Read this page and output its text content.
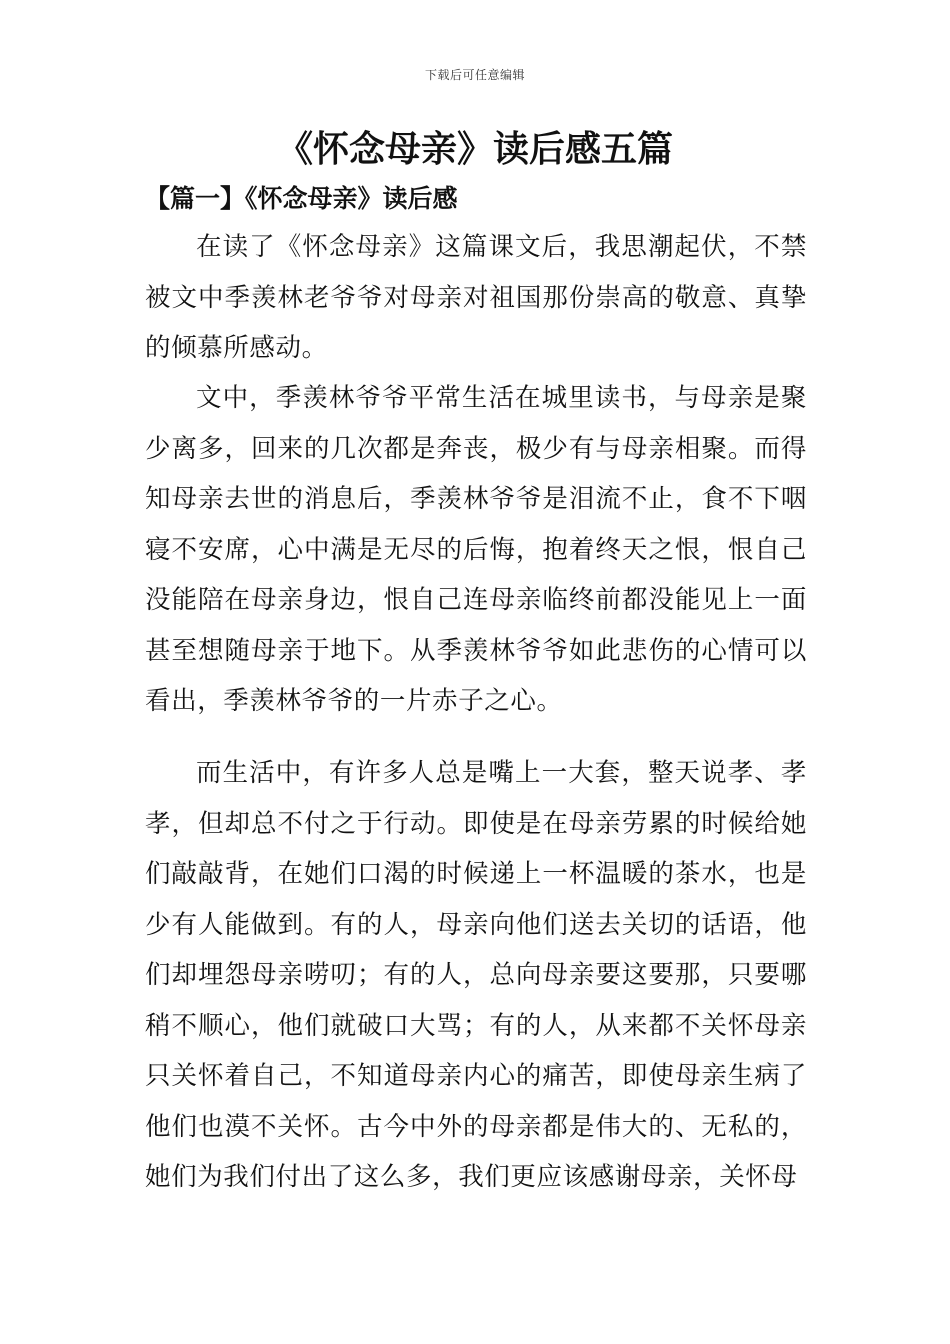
下载后可任意编辑
《怀念母亲》读后感五篇
【篇一】《怀念母亲》读后感

在读了《怀念母亲》这篇课文后，我思潮起伏，不禁被文中季羡林老爷爷对母亲对祖国那份崇高的敬意、真挚的倾慕所感动。

文中，季羡林爷爷平常生活在城里读书，与母亲是聚少离多，回来的几次都是奔丧，极少有与母亲相聚。而得知母亲去世的消息后，季羡林爷爷是泪流不止，食不下咽寝不安席，心中满是无尽的后悔，抱着终天之恨，恨自己没能陪在母亲身边，恨自己连母亲临终前都没能见上一面甚至想随母亲于地下。从季羡林爷爷如此悲伤的心情可以看出，季羡林爷爷的一片赤子之心。

而生活中，有许多人总是嘴上一大套，整天说孝、孝孝，但却总不付之于行动。即使是在母亲劳累的时候给她们敲敲背，在她们口渴的时候递上一杯温暖的茶水，也是少有人能做到。有的人，母亲向他们送去关切的话语，他们却埋怨母亲唠叨；有的人，总向母亲要这要那，只要哪稍不顺心，他们就破口大骂；有的人，从来都不关怀母亲只关怀着自己，不知道母亲内心的痛苦，即使母亲生病了他们也漠不关怀。古今中外的母亲都是伟大的、无私的，她们为我们付出了这么多，我们更应该感谢母亲，关怀母
